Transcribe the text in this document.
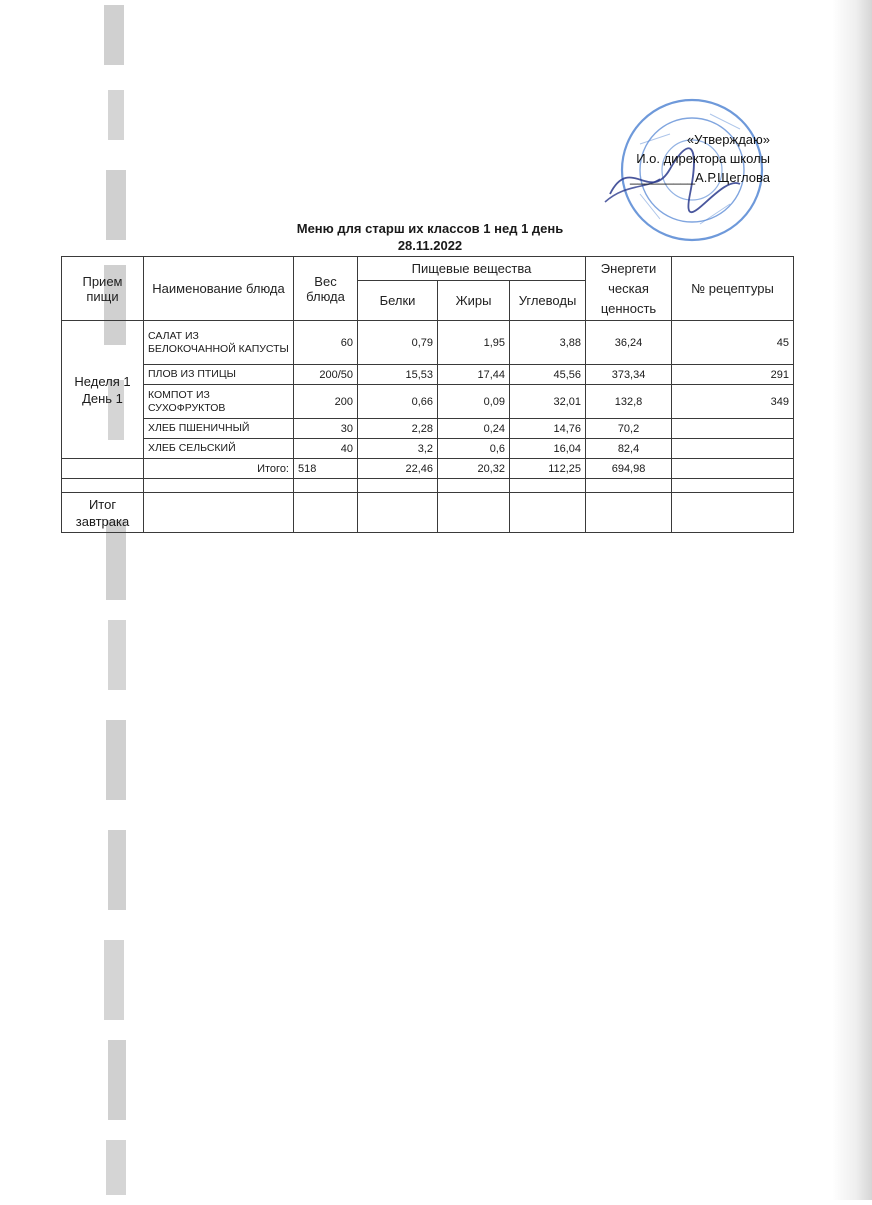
«Утверждаю»
И.о. директора школы
_________А.Р.Щеглова
Меню для старш их классов 1 нед 1 день
28.11.2022
Прием пищи	Наименование блюда	Вес блюда	Пищевые вещества			Энергети ческая ценность	№ рецептуры
			Белки	Жиры	Углеводы		
Неделя 1 День 1	САЛАТ ИЗ БЕЛОКОЧАННОЙ КАПУСТЫ	60	0,79	1,95	3,88	36,24	45
	ПЛОВ ИЗ ПТИЦЫ	200/50	15,53	17,44	45,56	373,34	291
	КОМПОТ ИЗ СУХОФРУКТОВ	200	0,66	0,09	32,01	132,8	349
	ХЛЕБ ПШЕНИЧНЫЙ	30	2,28	0,24	14,76	70,2	
	ХЛЕБ СЕЛЬСКИЙ	40	3,2	0,6	16,04	82,4	
	Итого:	518	22,46	20,32	112,25	694,98	

Итог завтрака							
